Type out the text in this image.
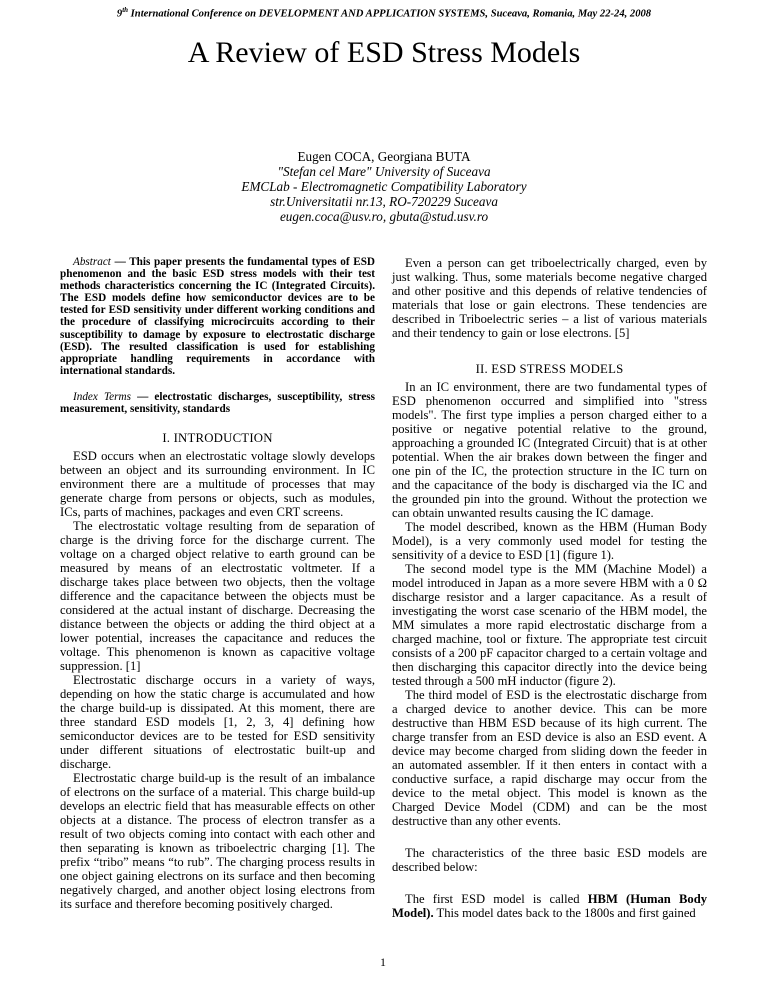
9th International Conference on DEVELOPMENT AND APPLICATION SYSTEMS, Suceava, Romania, May 22-24, 2008
A Review of ESD Stress Models
Eugen COCA, Georgiana BUTA
"Stefan cel Mare" University of Suceava
EMCLab - Electromagnetic Compatibility Laboratory
str.Universitatii nr.13, RO-720229 Suceava
eugen.coca@usv.ro, gbuta@stud.usv.ro

Abstract — This paper presents the fundamental types of ESD phenomenon and the basic ESD stress models with their test methods characteristics concerning the IC (Integrated Circuits). The ESD models define how semiconductor devices are to be tested for ESD sensitivity under different working conditions and the procedure of classifying microcircuits according to their susceptibility to damage by exposure to electrostatic discharge (ESD). The resulted classification is used for establishing appropriate handling requirements in accordance with international standards.

Index Terms — electrostatic discharges, susceptibility, stress measurement, sensitivity, standards

I. INTRODUCTION

ESD occurs when an electrostatic voltage slowly develops between an object and its surrounding environment. In IC environment there are a multitude of processes that may generate charge from persons or objects, such as modules, ICs, parts of machines, packages and even CRT screens.

The electrostatic voltage resulting from de separation of charge is the driving force for the discharge current. The voltage on a charged object relative to earth ground can be measured by means of an electrostatic voltmeter. If a discharge takes place between two objects, then the voltage difference and the capacitance between the objects must be considered at the actual instant of discharge. Decreasing the distance between the objects or adding the third object at a lower potential, increases the capacitance and reduces the voltage. This phenomenon is known as capacitive voltage suppression. [1]

Electrostatic discharge occurs in a variety of ways, depending on how the static charge is accumulated and how the charge build-up is dissipated. At this moment, there are three standard ESD models [1, 2, 3, 4] defining how semiconductor devices are to be tested for ESD sensitivity under different situations of electrostatic built-up and discharge.

Electrostatic charge build-up is the result of an imbalance of electrons on the surface of a material. This charge build-up develops an electric field that has measurable effects on other objects at a distance. The process of electron transfer as a result of two objects coming into contact with each other and then separating is known as triboelectric charging [1]. The prefix “tribo” means “to rub”. The charging process results in one object gaining electrons on its surface and then becoming negatively charged, and another object losing electrons from its surface and therefore becoming positively charged.

Even a person can get triboelectrically charged, even by just walking. Thus, some materials become negative charged and other positive and this depends of relative tendencies of materials that lose or gain electrons. These tendencies are described in Triboelectric series – a list of various materials and their tendency to gain or lose electrons. [5]

II. ESD STRESS MODELS

In an IC environment, there are two fundamental types of ESD phenomenon occurred and simplified into "stress models". The first type implies a person charged either to a positive or negative potential relative to the ground, approaching a grounded IC (Integrated Circuit) that is at other potential. When the air brakes down between the finger and one pin of the IC, the protection structure in the IC turn on and the capacitance of the body is discharged via the IC and the grounded pin into the ground. Without the protection we can obtain unwanted results causing the IC damage.

The model described, known as the HBM (Human Body Model), is a very commonly used model for testing the sensitivity of a device to ESD [1] (figure 1).

The second model type is the MM (Machine Model) a model introduced in Japan as a more severe HBM with a 0 Ω discharge resistor and a larger capacitance. As a result of investigating the worst case scenario of the HBM model, the MM simulates a more rapid electrostatic discharge from a charged machine, tool or fixture. The appropriate test circuit consists of a 200 pF capacitor charged to a certain voltage and then discharging this capacitor directly into the device being tested through a 500 mH inductor (figure 2).

The third model of ESD is the electrostatic discharge from a charged device to another device. This can be more destructive than HBM ESD because of its high current. The charge transfer from an ESD device is also an ESD event. A device may become charged from sliding down the feeder in an automated assembler. If it then enters in contact with a conductive surface, a rapid discharge may occur from the device to the metal object. This model is known as the Charged Device Model (CDM) and can be the most destructive than any other events.

The characteristics of the three basic ESD models are described below:

The first ESD model is called HBM (Human Body Model). This model dates back to the 1800s and first gained

1
